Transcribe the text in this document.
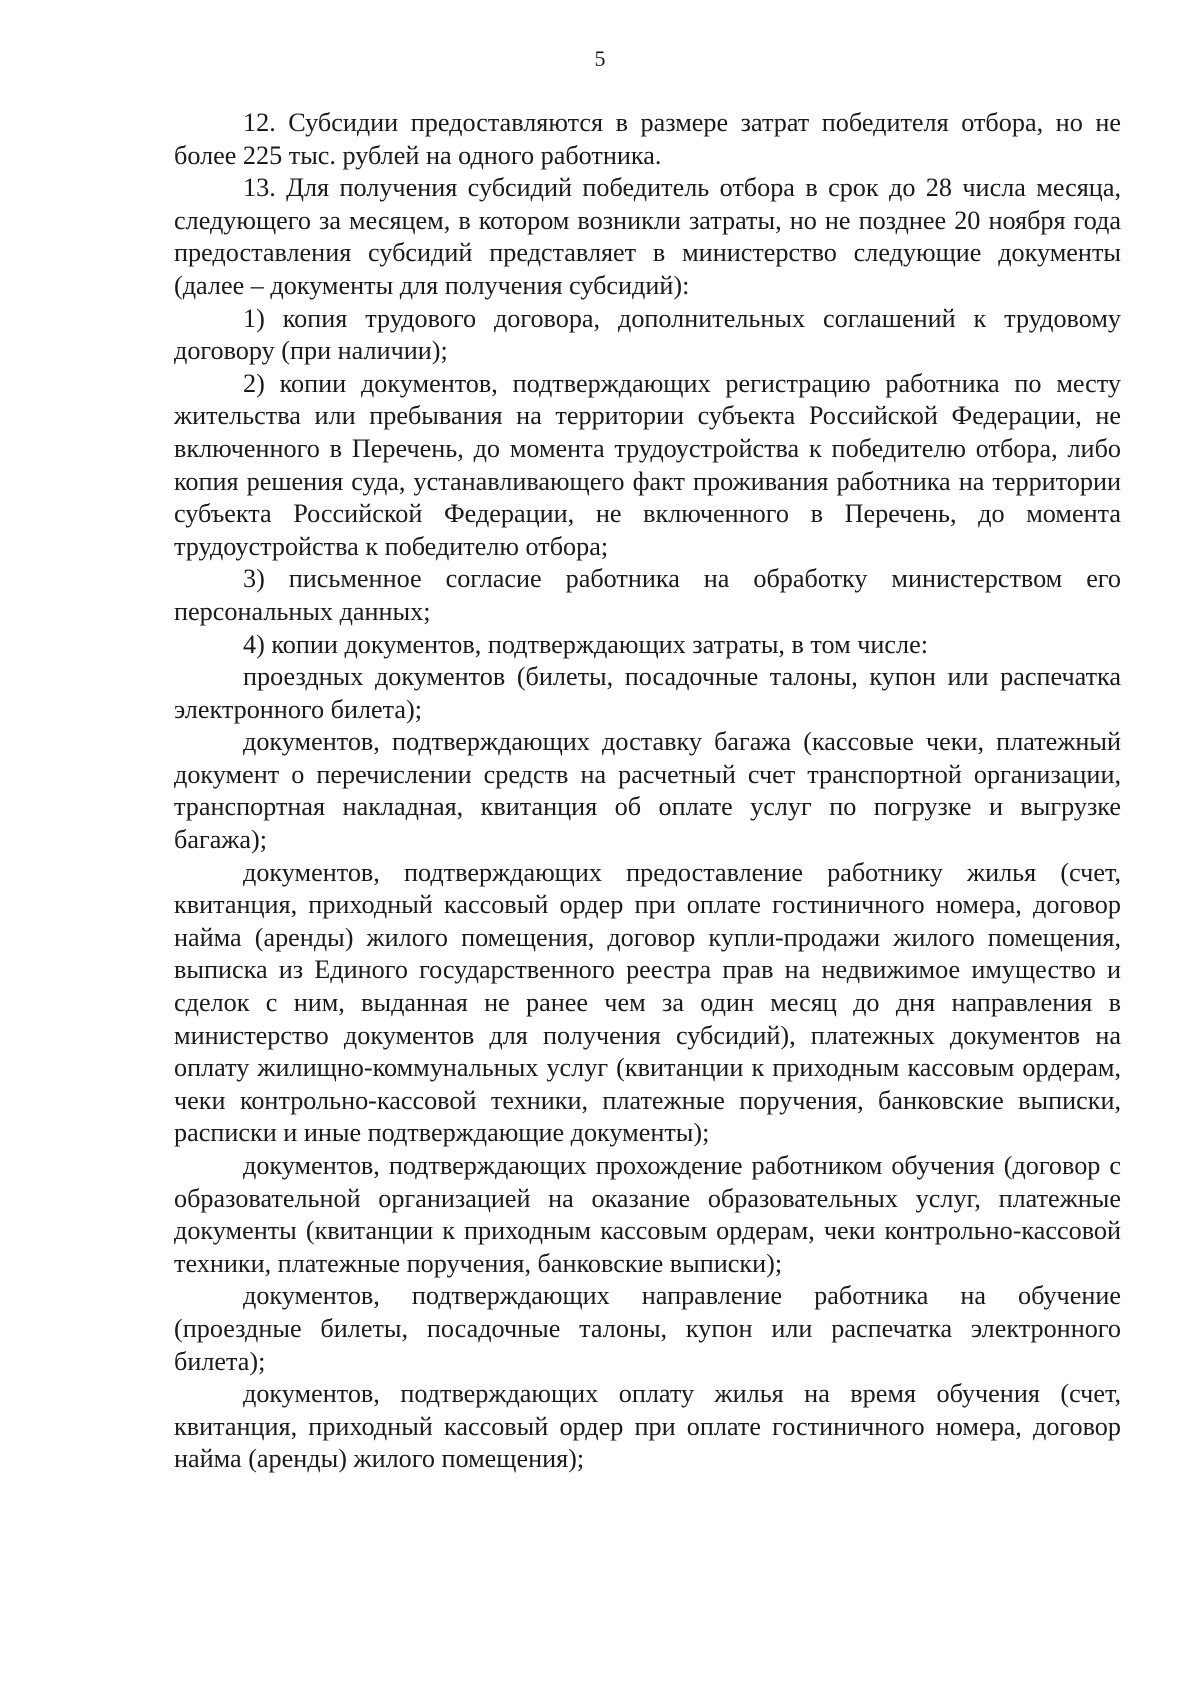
5

12. Субсидии предоставляются в размере затрат победителя отбора, но не более 225 тыс. рублей на одного работника.

13. Для получения субсидий победитель отбора в срок до 28 числа месяца, следующего за месяцем, в котором возникли затраты, но не позднее 20 ноября года предоставления субсидий представляет в министерство следующие документы (далее – документы для получения субсидий):

1) копия трудового договора, дополнительных соглашений к трудовому договору (при наличии);

2) копии документов, подтверждающих регистрацию работника по месту жительства или пребывания на территории субъекта Российской Федерации, не включенного в Перечень, до момента трудоустройства к победителю отбора, либо копия решения суда, устанавливающего факт проживания работника на территории субъекта Российской Федерации, не включенного в Перечень, до момента трудоустройства к победителю отбора;

3) письменное согласие работника на обработку министерством его персональных данных;

4) копии документов, подтверждающих затраты, в том числе:

проездных документов (билеты, посадочные талоны, купон или распечатка электронного билета);

документов, подтверждающих доставку багажа (кассовые чеки, платежный документ о перечислении средств на расчетный счет транспортной организации, транспортная накладная, квитанция об оплате услуг по погрузке и выгрузке багажа);

документов, подтверждающих предоставление работнику жилья (счет, квитанция, приходный кассовый ордер при оплате гостиничного номера, договор найма (аренды) жилого помещения, договор купли-продажи жилого помещения, выписка из Единого государственного реестра прав на недвижимое имущество и сделок с ним, выданная не ранее чем за один месяц до дня направления в министерство документов для получения субсидий), платежных документов на оплату жилищно-коммунальных услуг (квитанции к приходным кассовым ордерам, чеки контрольно-кассовой техники, платежные поручения, банковские выписки, расписки и иные подтверждающие документы);

документов, подтверждающих прохождение работником обучения (договор с образовательной организацией на оказание образовательных услуг, платежные документы (квитанции к приходным кассовым ордерам, чеки контрольно-кассовой техники, платежные поручения, банковские выписки);

документов, подтверждающих направление работника на обучение (проездные билеты, посадочные талоны, купон или распечатка электронного билета);

документов, подтверждающих оплату жилья на время обучения (счет, квитанция, приходный кассовый ордер при оплате гостиничного номера, договор найма (аренды) жилого помещения);
